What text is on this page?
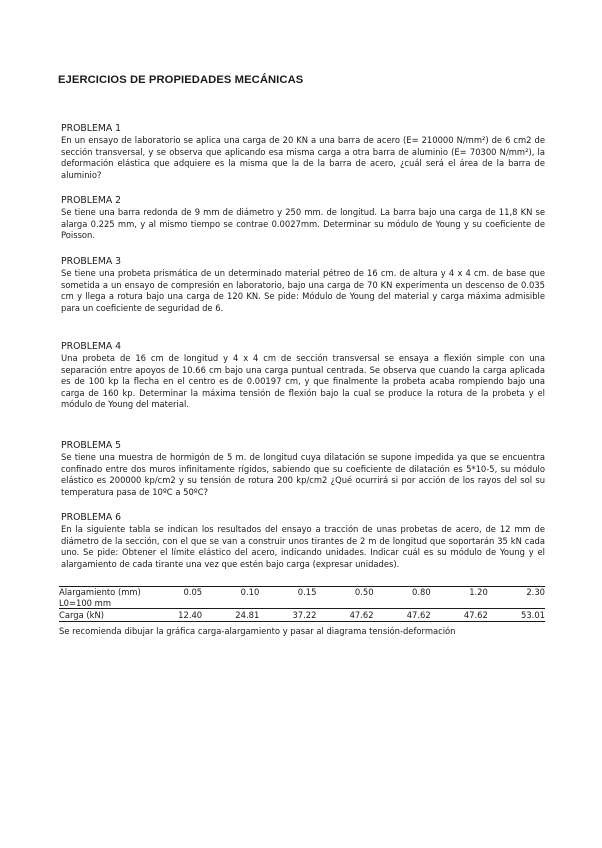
EJERCICIOS DE PROPIEDADES MECÁNICAS
PROBLEMA 1

En un ensayo de laboratorio se aplica una carga de 20 KN a una barra de acero (E= 210000 N/mm²) de 6 cm2 de sección transversal, y se observa que aplicando esa misma carga a otra barra de aluminio (E= 70300 N/mm²), la deformación elástica que adquiere es la misma que la de la barra de acero, ¿cuál será el área de la barra de aluminio?

PROBLEMA 2

Se tiene una barra redonda de 9 mm de diámetro y 250 mm. de longitud. La barra bajo una carga de 11,8 KN se alarga 0.225 mm, y al mismo tiempo se contrae 0.0027mm. Determinar su módulo de Young y su coeficiente de Poisson.

PROBLEMA 3

Se tiene una probeta prismática de un determinado material pétreo de 16 cm. de altura y 4 x 4 cm. de base que sometida a un ensayo de compresión en laboratorio, bajo una carga de 70 KN experimenta un descenso de 0.035 cm y llega a rotura bajo una carga de 120 KN. Se pide: Módulo de Young del material y carga máxima admisible para un coeficiente de seguridad de 6.

PROBLEMA 4

Una probeta de 16 cm de longitud y 4 x 4 cm de sección transversal se ensaya a flexión simple con una separación entre apoyos de 10.66 cm bajo una carga puntual centrada. Se observa que cuando la carga aplicada es de 100 kp la flecha en el centro es de 0.00197 cm, y que finalmente la probeta acaba rompiendo bajo una carga de 160 kp. Determinar la máxima tensión de flexión bajo la cual se produce la rotura de la probeta y el módulo de Young del material.

PROBLEMA 5

Se tiene una muestra de hormigón de 5 m. de longitud cuya dilatación se supone impedida ya que se encuentra confinado entre dos muros infinitamente rígidos, sabiendo que su coeficiente de dilatación es 5*10-5, su módulo elástico es 200000 kp/cm2 y su tensión de rotura 200 kp/cm2 ¿Qué ocurrirá si por acción de los rayos del sol su temperatura pasa de 10ºC a 50ºC?

PROBLEMA 6

En la siguiente tabla se indican los resultados del ensayo a tracción de unas probetas de acero, de 12 mm de diámetro de la sección, con el que se van a construir unos tirantes de 2 m de longitud que soportarán 35 kN cada uno. Se pide: Obtener el límite elástico del acero, indicando unidades. Indicar cuál es su módulo de Young y el alargamiento de cada tirante una vez que estén bajo carga (expresar unidades).

Alargamiento (mm)	0.05	0.10	0.15	0.50	0.80	1.20	2.30
L0=100 mm							
Carga (kN)	12.40	24.81	37.22	47.62	47.62	47.62	53.01
Se recomienda dibujar la gráfica carga-alargamiento y pasar al diagrama tensión-deformación
